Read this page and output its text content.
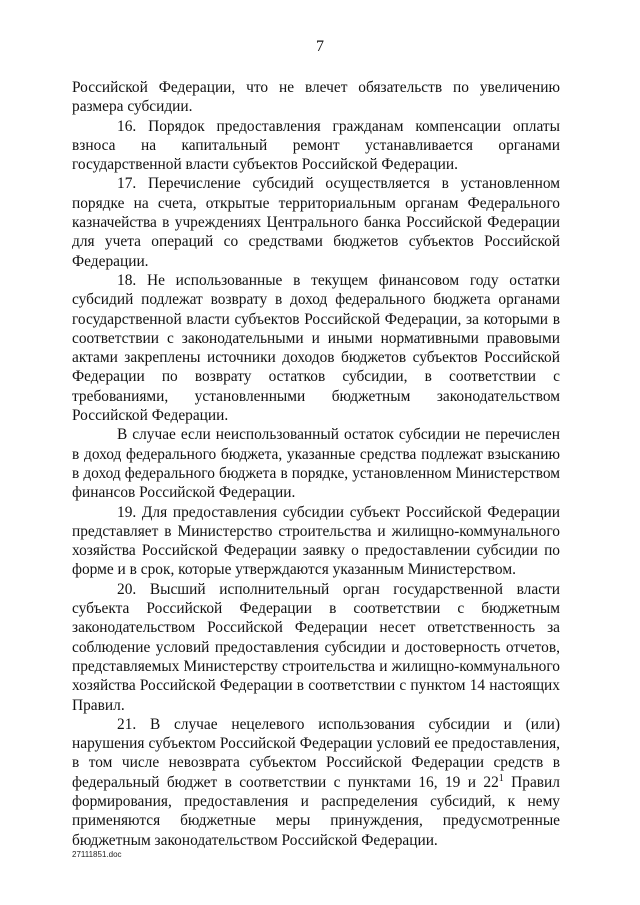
7

Российской Федерации, что не влечет обязательств по увеличению размера субсидии.

16. Порядок предоставления гражданам компенсации оплаты взноса на капитальный ремонт устанавливается органами государственной власти субъектов Российской Федерации.

17. Перечисление субсидий осуществляется в установленном порядке на счета, открытые территориальным органам Федерального казначейства в учреждениях Центрального банка Российской Федерации для учета операций со средствами бюджетов субъектов Российской Федерации.

18. Не использованные в текущем финансовом году остатки субсидий подлежат возврату в доход федерального бюджета органами государственной власти субъектов Российской Федерации, за которыми в соответствии с законодательными и иными нормативными правовыми актами закреплены источники доходов бюджетов субъектов Российской Федерации по возврату остатков субсидии, в соответствии с требованиями, установленными бюджетным законодательством Российской Федерации.

В случае если неиспользованный остаток субсидии не перечислен в доход федерального бюджета, указанные средства подлежат взысканию в доход федерального бюджета в порядке, установленном Министерством финансов Российской Федерации.

19. Для предоставления субсидии субъект Российской Федерации представляет в Министерство строительства и жилищно-коммунального хозяйства Российской Федерации заявку о предоставлении субсидии по форме и в срок, которые утверждаются указанным Министерством.

20. Высший исполнительный орган государственной власти субъекта Российской Федерации в соответствии с бюджетным законодательством Российской Федерации несет ответственность за соблюдение условий предоставления субсидии и достоверность отчетов, представляемых Министерству строительства и жилищно-коммунального хозяйства Российской Федерации в соответствии с пунктом 14 настоящих Правил.

21. В случае нецелевого использования субсидии и (или) нарушения субъектом Российской Федерации условий ее предоставления, в том числе невозврата субъектом Российской Федерации средств в федеральный бюджет в соответствии с пунктами 16, 19 и $22^1$ Правил формирования, предоставления и распределения субсидий, к нему применяются бюджетные меры принуждения, предусмотренные бюджетным законодательством Российской Федерации.

27111851.doc
